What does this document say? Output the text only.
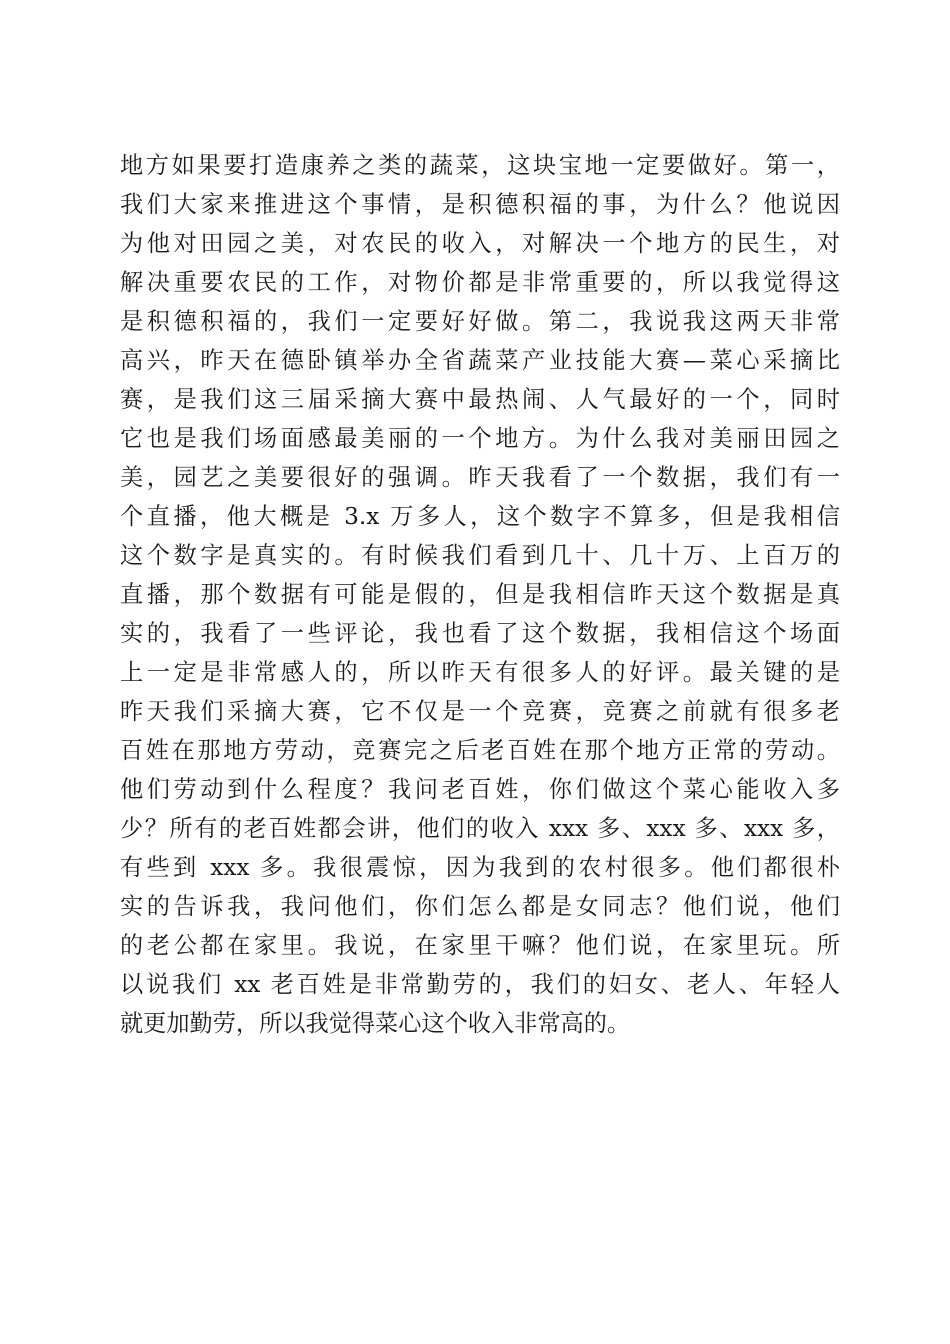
地方如果要打造康养之类的蔬菜，这块宝地一定要做好。第一，
我们大家来推进这个事情，是积德积福的事，为什么？他说因
为他对田园之美，对农民的收入，对解决一个地方的民生，对
解决重要农民的工作，对物价都是非常重要的，所以我觉得这
是积德积福的，我们一定要好好做。第二，我说我这两天非常
高兴，昨天在德卧镇举办全省蔬菜产业技能大赛—菜心采摘比
赛，是我们这三届采摘大赛中最热闹、人气最好的一个，同时
它也是我们场面感最美丽的一个地方。为什么我对美丽田园之
美，园艺之美要很好的强调。昨天我看了一个数据，我们有一
个直播，他大概是 3.x 万多人，这个数字不算多，但是我相信
这个数字是真实的。有时候我们看到几十、几十万、上百万的
直播，那个数据有可能是假的，但是我相信昨天这个数据是真
实的，我看了一些评论，我也看了这个数据，我相信这个场面
上一定是非常感人的，所以昨天有很多人的好评。最关键的是
昨天我们采摘大赛，它不仅是一个竞赛，竞赛之前就有很多老
百姓在那地方劳动，竞赛完之后老百姓在那个地方正常的劳动。
他们劳动到什么程度？我问老百姓，你们做这个菜心能收入多
少？所有的老百姓都会讲，他们的收入 xxx 多、xxx 多、xxx 多，
有些到 xxx 多。我很震惊，因为我到的农村很多。他们都很朴
实的告诉我，我问他们，你们怎么都是女同志？他们说，他们
的老公都在家里。我说，在家里干嘛？他们说，在家里玩。所
以说我们 xx 老百姓是非常勤劳的，我们的妇女、老人、年轻人
就更加勤劳，所以我觉得菜心这个收入非常高的。
